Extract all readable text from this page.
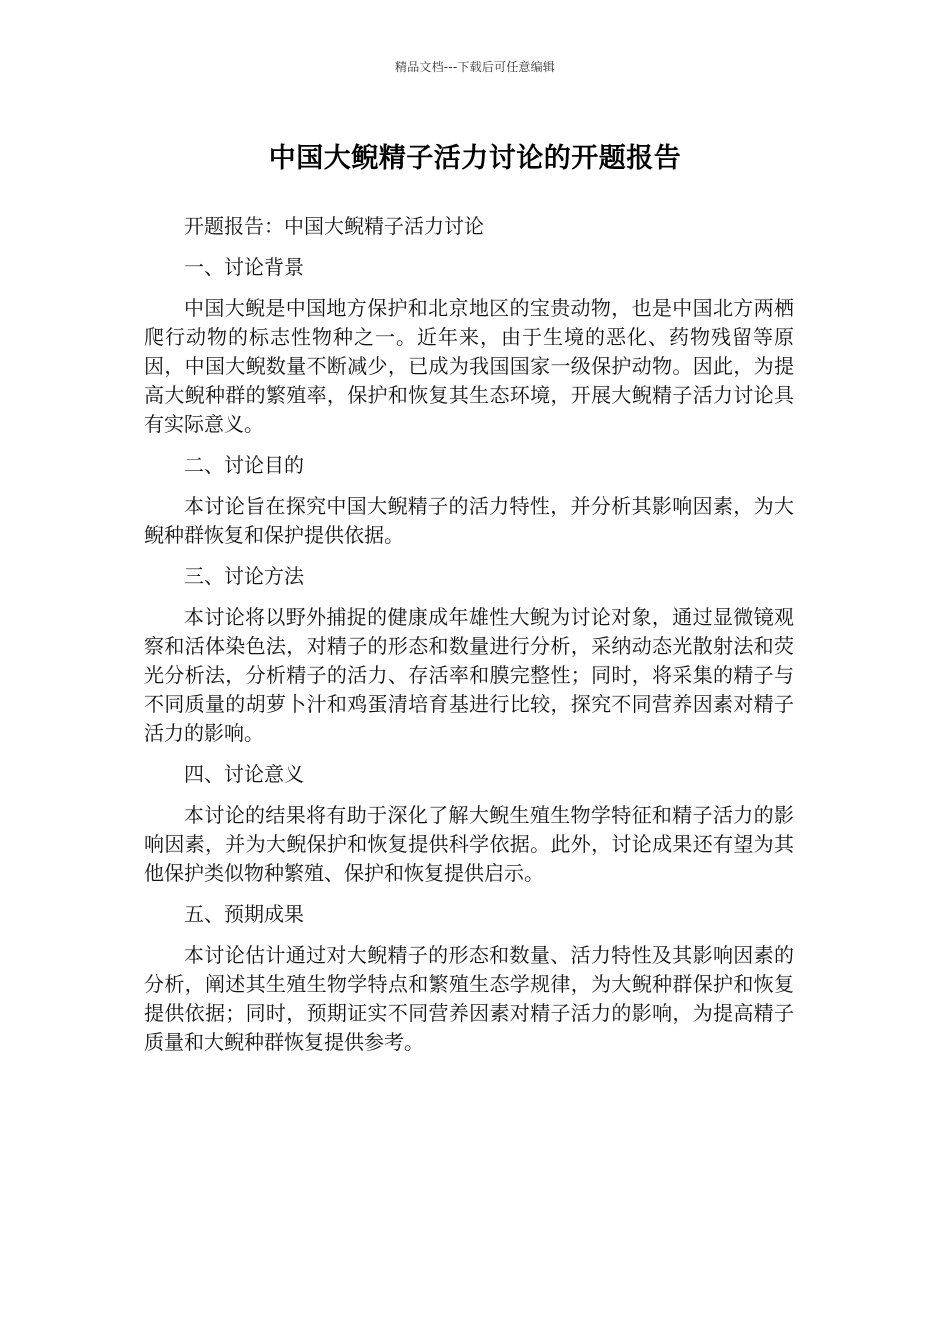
精品文档---下载后可任意编辑
中国大鲵精子活力讨论的开题报告

开题报告：中国大鲵精子活力讨论

一、讨论背景

中国大鲵是中国地方保护和北京地区的宝贵动物，也是中国北方两栖爬行动物的标志性物种之一。近年来，由于生境的恶化、药物残留等原因，中国大鲵数量不断减少，已成为我国国家一级保护动物。因此，为提高大鲵种群的繁殖率，保护和恢复其生态环境，开展大鲵精子活力讨论具有实际意义。

二、讨论目的

本讨论旨在探究中国大鲵精子的活力特性，并分析其影响因素，为大鲵种群恢复和保护提供依据。

三、讨论方法

本讨论将以野外捕捉的健康成年雄性大鲵为讨论对象，通过显微镜观察和活体染色法，对精子的形态和数量进行分析，采纳动态光散射法和荧光分析法，分析精子的活力、存活率和膜完整性；同时，将采集的精子与不同质量的胡萝卜汁和鸡蛋清培育基进行比较，探究不同营养因素对精子活力的影响。

四、讨论意义

本讨论的结果将有助于深化了解大鲵生殖生物学特征和精子活力的影响因素，并为大鲵保护和恢复提供科学依据。此外，讨论成果还有望为其他保护类似物种繁殖、保护和恢复提供启示。

五、预期成果

本讨论估计通过对大鲵精子的形态和数量、活力特性及其影响因素的分析，阐述其生殖生物学特点和繁殖生态学规律，为大鲵种群保护和恢复提供依据；同时，预期证实不同营养因素对精子活力的影响，为提高精子质量和大鲵种群恢复提供参考。
